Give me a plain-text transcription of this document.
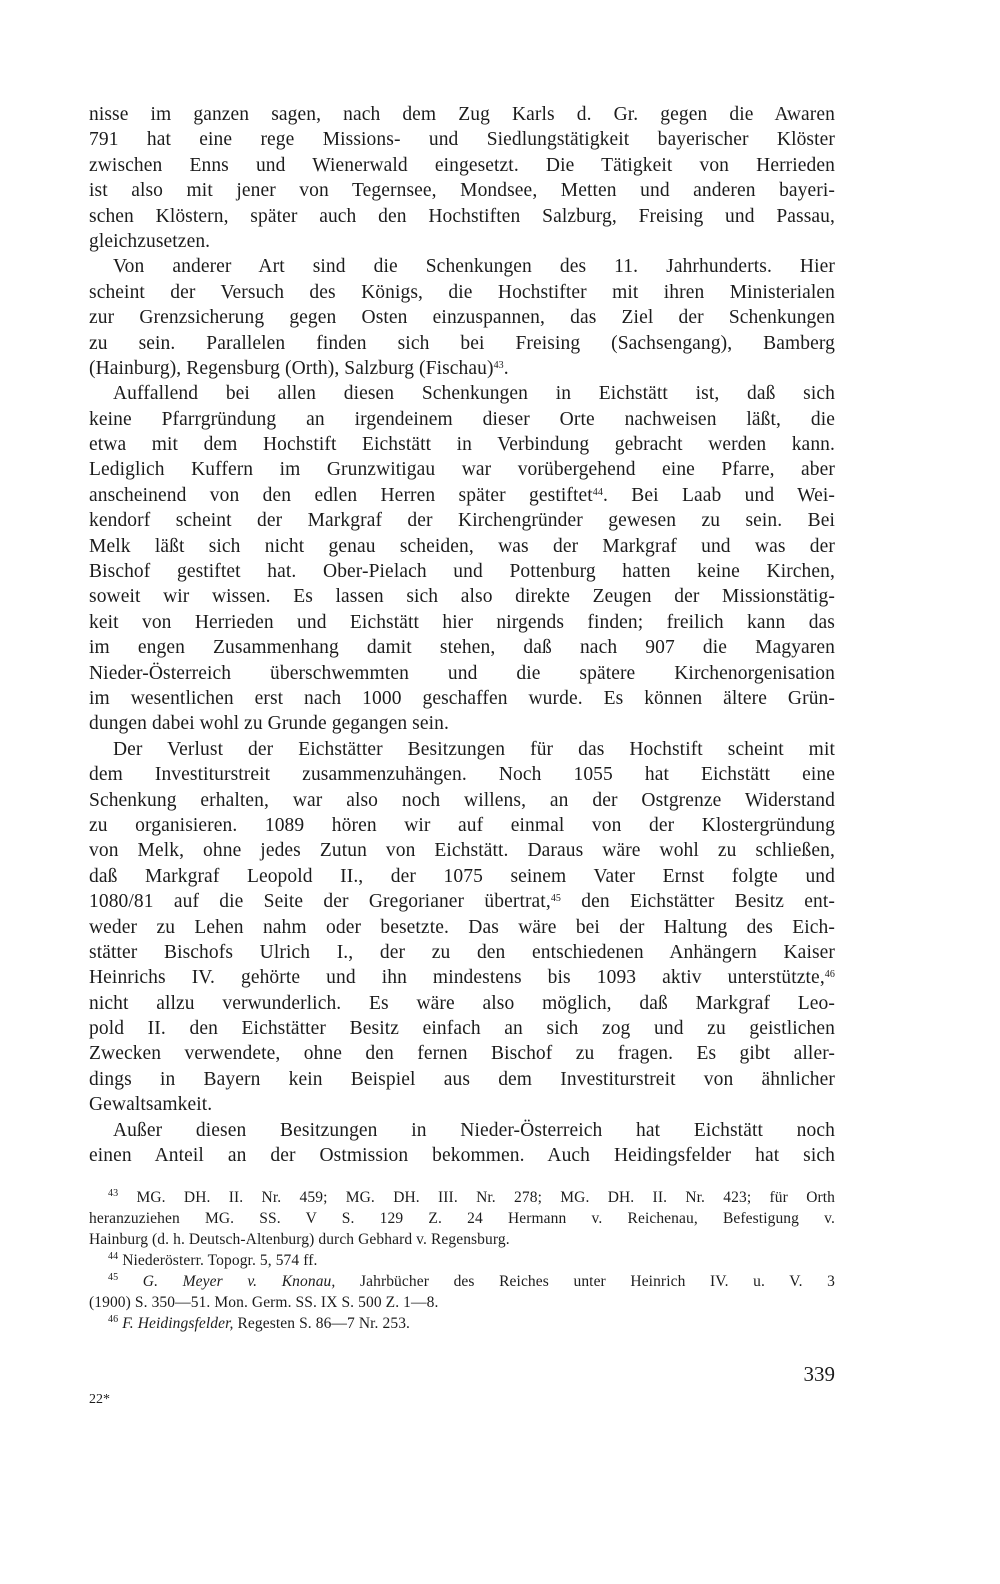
nisse im ganzen sagen, nach dem Zug Karls d. Gr. gegen die Awaren
791 hat eine rege Missions- und Siedlungstätigkeit bayerischer Klöster
zwischen Enns und Wienerwald eingesetzt. Die Tätigkeit von Herrieden
ist also mit jener von Tegernsee, Mondsee, Metten und anderen bayeri-
schen Klöstern, später auch den Hochstiften Salzburg, Freising und Passau,
gleichzusetzen.
Von anderer Art sind die Schenkungen des 11. Jahrhunderts. Hier
scheint der Versuch des Königs, die Hochstifter mit ihren Ministerialen
zur Grenzsicherung gegen Osten einzuspannen, das Ziel der Schenkungen
zu sein. Parallelen finden sich bei Freising (Sachsengang), Bamberg
(Hainburg), Regensburg (Orth), Salzburg (Fischau)$^{43}$.
Auffallend bei allen diesen Schenkungen in Eichstätt ist, daß sich
keine Pfarrgründung an irgendeinem dieser Orte nachweisen läßt, die
etwa mit dem Hochstift Eichstätt in Verbindung gebracht werden kann.
Lediglich Kuffern im Grunzwitigau war vorübergehend eine Pfarre, aber
anscheinend von den edlen Herren später gestiftet$^{44}$. Bei Laab und Wei-
kendorf scheint der Markgraf der Kirchengründer gewesen zu sein. Bei
Melk läßt sich nicht genau scheiden, was der Markgraf und was der
Bischof gestiftet hat. Ober-Pielach und Pottenburg hatten keine Kirchen,
soweit wir wissen. Es lassen sich also direkte Zeugen der Missionstätig-
keit von Herrieden und Eichstätt hier nirgends finden; freilich kann das
im engen Zusammenhang damit stehen, daß nach 907 die Magyaren
Nieder-Österreich überschwemmten und die spätere Kirchenorgenisation
im wesentlichen erst nach 1000 geschaffen wurde. Es können ältere Grün-
dungen dabei wohl zu Grunde gegangen sein.
Der Verlust der Eichstätter Besitzungen für das Hochstift scheint mit
dem Investiturstreit zusammenzuhängen. Noch 1055 hat Eichstätt eine
Schenkung erhalten, war also noch willens, an der Ostgrenze Widerstand
zu organisieren. 1089 hören wir auf einmal von der Klostergründung
von Melk, ohne jedes Zutun von Eichstätt. Daraus wäre wohl zu schließen,
daß Markgraf Leopold II., der 1075 seinem Vater Ernst folgte und
1080/81 auf die Seite der Gregorianer übertrat,$^{45}$ den Eichstätter Besitz ent-
weder zu Lehen nahm oder besetzte. Das wäre bei der Haltung des Eich-
stätter Bischofs Ulrich I., der zu den entschiedenen Anhängern Kaiser
Heinrichs IV. gehörte und ihn mindestens bis 1093 aktiv unterstützte,$^{46}$
nicht allzu verwunderlich. Es wäre also möglich, daß Markgraf Leo-
pold II. den Eichstätter Besitz einfach an sich zog und zu geistlichen
Zwecken verwendete, ohne den fernen Bischof zu fragen. Es gibt aller-
dings in Bayern kein Beispiel aus dem Investiturstreit von ähnlicher
Gewaltsamkeit.
Außer diesen Besitzungen in Nieder-Österreich hat Eichstätt noch
einen Anteil an der Ostmission bekommen. Auch Heidingsfelder hat sich
$^{43}$ MG. DH. II. Nr. 459; MG. DH. III. Nr. 278; MG. DH. II. Nr. 423; für Orth
heranzuziehen MG. SS. V S. 129 Z. 24 Hermann v. Reichenau, Befestigung v.
Hainburg (d. h. Deutsch-Altenburg) durch Gebhard v. Regensburg.
$^{44}$ Niederösterr. Topogr. 5, 574 ff.
$^{45}$ G. Meyer v. Knonau, Jahrbücher des Reiches unter Heinrich IV. u. V. 3
(1900) S. 350—51. Mon. Germ. SS. IX S. 500 Z. 1—8.
$^{46}$ F. Heidingsfelder, Regesten S. 86—7 Nr. 253.
339
22*
